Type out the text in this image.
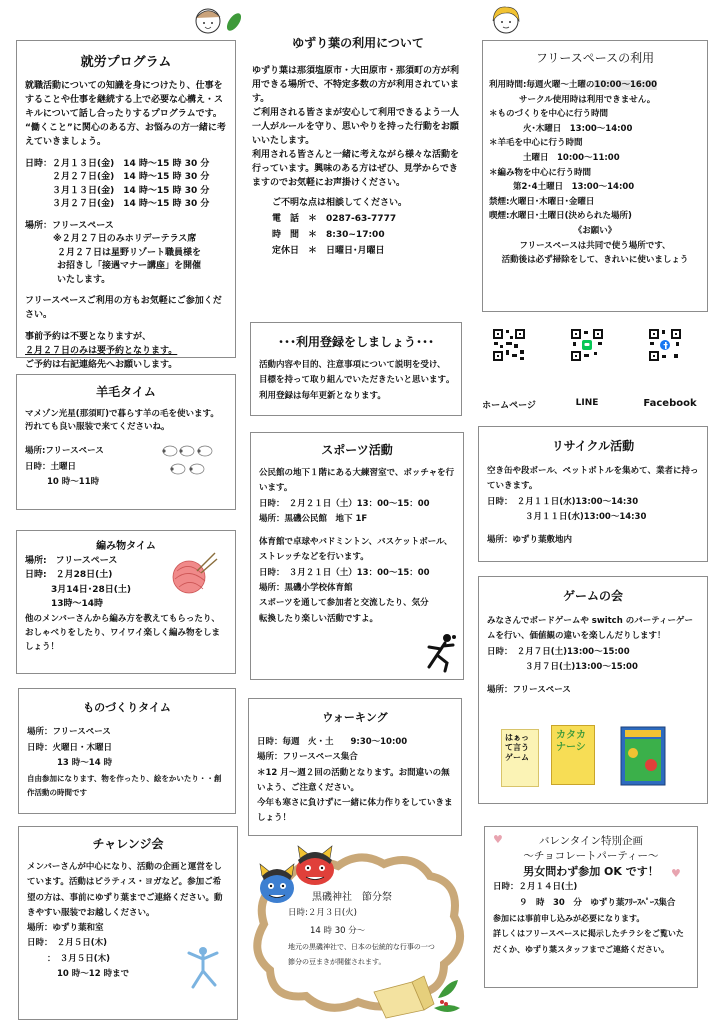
就労プログラム

就職活動についての知識を身につけたり、仕事をすることや仕事を継続する上で必要な心構え・スキルについて話し合ったりするプログラムです。 “働くこと”に関心のある方、お悩みの方一緒に考えていきましょう。

日時： ２月１３日(金)　14 時～15 時 30 分
２月２７日(金)　14 時～15 時 30 分
３月１３日(金)　14 時～15 時 30 分
３月２７日(金)　14 時～15 時 30 分
場所：フリースペース
※２月２７日のみホリデーテラス席
２月２７日は星野リゾート職員様を
お招きし「接遇マナー講座」を開催
いたします。

フリースペースご利用の方もお気軽にご参加ください。

事前予約は不要となりますが、

２月２７日のみは要予約となります。

ご予約は右記連絡先へお願いします。

ゆずり葉の利用について

ゆずり葉は那須塩原市・大田原市・那須町の方が利用できる場所で、不特定多数の方が利用されています。

ご利用される皆さまが安心して利用できるよう一人一人がルールを守り、思いやりを持った行動をお願いいたします。

利用される皆さんと一緒に考えながら様々な活動を行っています。興味のある方はぜひ、見学からできますのでお気軽にお声掛けください。

ご不明な点は相談してください。
電　話　＊　0287-63-7777
時　間　＊　8:30~17:00
定休日　＊　日曜日･月曜日
フリースペースの利用
利用時間:毎週火曜～土曜の10:00～16:00
サークル使用時は利用できません。
＊ものづくりを中心に行う時間
火･木曜日　13:00～14:00
＊羊毛を中心に行う時間
土曜日　10:00～11:00
＊編み物を中心に行う時間
第2･4土曜日　13:00～14:00
禁煙:火曜日･木曜日･金曜日
喫煙:水曜日･土曜日(決められた場所)
《お願い》
フリースペースは共同で使う場所です、
活動後は必ず掃除をして、きれいに使いましょう
･･･利用登録をしましょう･･･

活動内容や目的、注意事項について説明を受け、目標を持って取り組んでいただきたいと思います｡利用登録は毎年更新となります。

ホームページ	LINE	Facebook
羊毛タイム

マメゾン光星(那須町)で暮らす羊の毛を使います。汚れても良い服装で来てくださいね。

場所:フリースペース
日時：土曜日
10 時～11時
編み物タイム
場所:　フリースペース
日時:　２月28日(土)
3月14日･28日(土)
13時～14時

他のメンバーさんから編み方を教えてもらったり、おしゃべりをしたり、ワイワイ楽しく編み物をしましょう！

ものづくりタイム
場所：フリースペース
日時：火曜日・木曜日
13 時～14 時

自由参加になります、物を作ったり、絵をかいたり・・創作活動の時間です

チャレンジ会

メンバーさんが中心になり、活動の企画と運営をしています。活動はピラティス・ヨガなど。参加ご希望の方は、事前にゆずり葉までご連絡ください。動きやすい服装でお越しください。

場所：ゆずり葉和室
日時：　２月５日(木)
：　３月５日(木)
10 時～12 時まで
スポーツ活動

公民館の地下１階にある大練習室で、ボッチャを行います。

日時：　２月２１日（土）13：00～15：00
場所：黒磯公民館　地下 1F

体育館で卓球やバドミントン、バスケットボール、ストレッチなどを行います。

日時：　３月２１日（土）13：00～15：00
場所：黒磯小学校体育館

スポーツを通して参加者と交流したり、気分転換したり楽しい活動ですよ。

ウォーキング
日時：毎週　火・土　　9:30～10:00
場所：フリースペース集合

＊12 月～週２回の活動となります。お間違いの無いよう、ご注意ください。

今年も寒さに負けずに一緒に体力作りをしていきましょう！

黒磯神社　節分祭
日時:２月３日(火)
14 時 30 分～

地元の黒磯神社で、日本の伝統的な行事の一つ節分の豆まきが開催されます。

リサイクル活動

空き缶や段ボール、ペットボトルを集めて、業者に持っていきます。

日時：　２月１１日(水)13:00～14:30
３月１１日(水)13:00～14:30
場所：ゆずり葉敷地内
ゲームの会

みなさんでボードゲームや switch のパーティーゲームを行い、価値観の違いを楽しんだりします！

日時：　２月７日(土)13:00～15:00
３月７日(土)13:00～15:00
場所：フリースペース
はぁって言うゲーム
カタカナーシ
♥
♥
バレンタイン特別企画
～チョコレートパーティー～
男女問わず参加 OK です！
日時：２月１４日(土)
９　時　30　分　ゆずり葉ﾌﾘｰｽﾍﾟｰｽ集合

参加には事前申し込みが必要になります。

詳しくはフリースペースに掲示したチラシをご覧いただくか、ゆずり葉スタッフまでご連絡ください。
